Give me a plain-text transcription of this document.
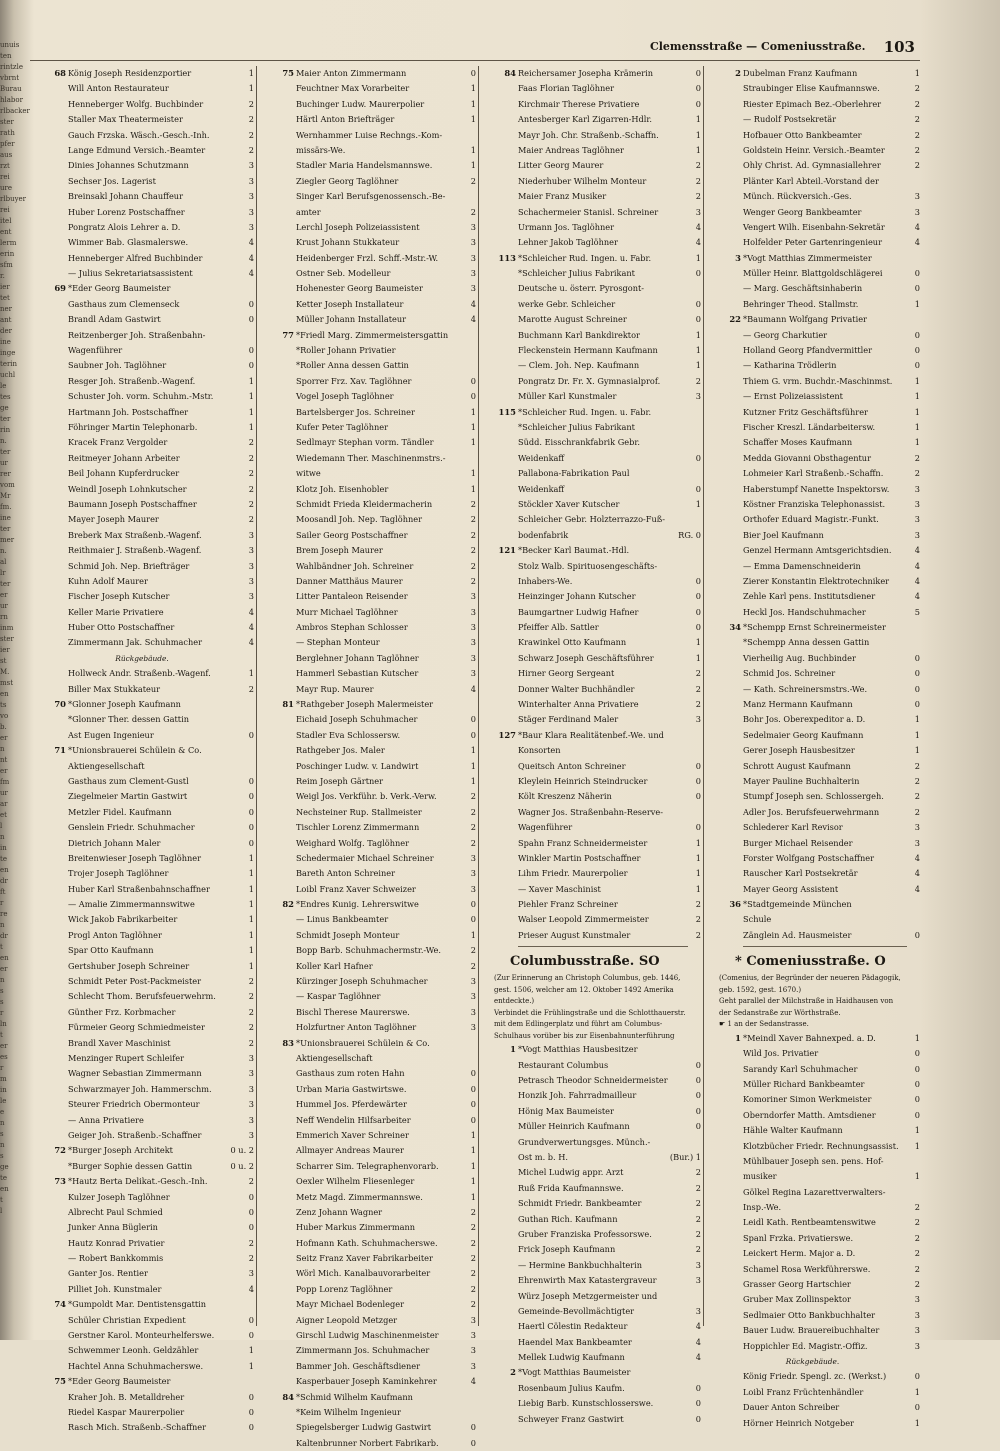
unuis
ten
rintzle
vbrnt
Burau
hlabor
rlbacker
ster
rath
pfer
aus
rzt
rei
ure
rlbuyer
rei
itel
ent
lerm
erin
sfm
r.
ier
tet
ner
ant
der
ine
inge
terin
uchl
le
tes
ge
ter
rin
n.
ter
ur
rer
vom
Mr
fm.
ine
ter
mer
n.
al
lr
ter
er
ur
rn
inm
ster
ier
st
M.
mst
en
ts
vo
b.
er
n
nt
er
fm
ur
ar
et
l
n
in
te
en
dr
ft
r
re
n
dr
t
en
er
n
s
s
r
ln
t
er
es
r
m
in
le
e
n
s
n
s
ge
te
en
t
l
Clemensstraße — Comeniusstraße. 103
68 König Joseph Residenzportier	1
Will Anton Restaurateur	1
Henneberger Wolfg. Buchbinder	2
Staller Max Theatermeister	2
Gauch Frzska. Wäsch.-Gesch.-Inh.	2
Lange Edmund Versich.-Beamter	2
Dinies Johannes Schutzmann	3
Sechser Jos. Lagerist	3
Breinsakl Johann Chauffeur	3
Huber Lorenz Postschaffner	3
Pongratz Alois Lehrer a. D.	3
Wimmer Bab. Glasmalerswe.	4
Henneberger Alfred Buchbinder	4
— Julius Sekretariatsassistent	4
69 *Eder Georg Baumeister
Gasthaus zum Clemenseck	0
Brandl Adam Gastwirt	0
Reitzenberger Joh. Straßenbahn-
Wagenführer	0
Saubner Joh. Taglöhner	0
Resger Joh. Straßenb.-Wagenf.	1
Schuster Joh. vorm. Schuhm.-Mstr.	1
Hartmann Joh. Postschaffner	1
Föhringer Martin Telephonarb.	1
Kracek Franz Vergolder	2
Reitmeyer Johann Arbeiter	2
Beil Johann Kupferdrucker	2
Weindl Joseph Lohnkutscher	2
Baumann Joseph Postschaffner	2
Mayer Joseph Maurer	2
Breberk Max Straßenb.-Wagenf.	3
Reithmaier J. Straßenb.-Wagenf.	3
Schmid Joh. Nep. Briefträger	3
Kuhn Adolf Maurer	3
Fischer Joseph Kutscher	3
Keller Marie Privatiere	4
Huber Otto Postschaffner	4
Zimmermann Jak. Schuhmacher	4
Rückgebäude.
Hollweck Andr. Straßenb.-Wagenf.	1
Biller Max Stukkateur	2
70 *Glonner Joseph Kaufmann
*Glonner Ther. dessen Gattin
Ast Eugen Ingenieur	0
71 *Unionsbrauerei Schülein & Co.
Aktiengesellschaft
Gasthaus zum Clement-Gustl	0
Ziegelmeier Martin Gastwirt	0
Metzler Fidel. Kaufmann	0
Genslein Friedr. Schuhmacher	0
Dietrich Johann Maler	0
Breitenwieser Joseph Taglöhner	1
Trojer Joseph Taglöhner	1
Huber Karl Straßenbahnschaffner	1
— Amalie Zimmermannswitwe	1
Wick Jakob Fabrikarbeiter	1
Progl Anton Taglöhner	1
Spar Otto Kaufmann	1
Gertshuber Joseph Schreiner	1
Schmidt Peter Post-Packmeister	2
Schlecht Thom. Berufsfeuerwehrm.	2
Günther Frz. Korbmacher	2
Fürmeier Georg Schmiedmeister	2
Brandl Xaver Maschinist	2
Menzinger Rupert Schleifer	3
Wagner Sebastian Zimmermann	3
Schwarzmayer Joh. Hammerschm.	3
Steurer Friedrich Obermonteur	3
— Anna Privatiere	3
Geiger Joh. Straßenb.-Schaffner	3
72 *Burger Joseph Architekt	0 u. 2
*Burger Sophie dessen Gattin	0 u. 2
73 *Hautz Berta Delikat.-Gesch.-Inh.	2
Kulzer Joseph Taglöhner	0
Albrecht Paul Schmied	0
Junker Anna Büglerin	0
Hautz Konrad Privatier	2
— Robert Bankkommis	2
Ganter Jos. Rentier	3
Pilliet Joh. Kunstmaler	4
74 *Gumpoldt Mar. Dentistensgattin
Schüler Christian Expedient	0
Gerstner Karol. Monteurhelferswe.	0
Schwemmer Leonh. Geldzähler	1
Hachtel Anna Schuhmacherswe.	1
75 *Eder Georg Baumeister
Kraher Joh. B. Metalldreher	0
Riedel Kaspar Maurerpolier	0
Rasch Mich. Straßenb.-Schaffner	0
75 Maier Anton Zimmermann	0
Feuchtner Max Vorarbeiter	1
Buchinger Ludw. Maurerpolier	1
Härtl Anton Briefträger	1
Wernhammer Luise Rechngs.-Kom-
missärs-We.	1
Stadler Maria Handelsmannswe.	1
Ziegler Georg Taglöhner	2
Singer Karl Berufsgenossensch.-Be-
amter	2
Lerchl Joseph Polizeiassistent	3
Krust Johann Stukkateur	3
Heidenberger Frzl. Schff.-Mstr.-W.	3
Ostner Seb. Modelleur	3
Hohenester Georg Baumeister	3
Ketter Joseph Installateur	4
Müller Johann Installateur	4
77 *Friedl Marg. Zimmermeistersgattin
*Roller Johann Privatier
*Roller Anna dessen Gattin
Sporrer Frz. Xav. Taglöhner	0
Vogel Joseph Taglöhner	0
Bartelsberger Jos. Schreiner	1
Kufer Peter Taglöhner	1
Sedlmayr Stephan vorm. Tändler	1
Wiedemann Ther. Maschinenmstrs.-
witwe	1
Klotz Joh. Eisenhobler	1
Schmidt Frieda Kleidermacherin	2
Moosandl Joh. Nep. Taglöhner	2
Sailer Georg Postschaffner	2
Brem Joseph Maurer	2
Wahlbändner Joh. Schreiner	2
Danner Matthäus Maurer	2
Litter Pantaleon Reisender	3
Murr Michael Taglöhner	3
Ambros Stephan Schlosser	3
— Stephan Monteur	3
Berglehner Johann Taglöhner	3
Hammerl Sebastian Kutscher	3
Mayr Rup. Maurer	4
81 *Rathgeber Joseph Malermeister
Eichaid Joseph Schuhmacher	0
Stadler Eva Schlossersw.	0
Rathgeber Jos. Maler	1
Poschinger Ludw. v. Landwirt	1
Reim Joseph Gärtner	1
Weigl Jos. Verkführ. b. Verk.-Verw.	2
Nechsteiner Rup. Stallmeister	2
Tischler Lorenz Zimmermann	2
Weighard Wolfg. Taglöhner	2
Schedermaier Michael Schreiner	3
Bareth Anton Schreiner	3
Loibl Franz Xaver Schweizer	3
82 *Endres Kunig. Lehrerswitwe	0
— Linus Bankbeamter	0
Schmidt Joseph Monteur	1
Bopp Barb. Schuhmachermstr.-We.	2
Koller Karl Hafner	2
Kürzinger Joseph Schuhmacher	3
— Kaspar Taglöhner	3
Bischl Therese Maurerswe.	3
Holzfurtner Anton Taglöhner	3
83 *Unionsbrauerei Schülein & Co.
Aktiengesellschaft
Gasthaus zum roten Hahn	0
Urban Maria Gastwirtswe.	0
Hummel Jos. Pferdewärter	0
Neff Wendelin Hilfsarbeiter	0
Emmerich Xaver Schreiner	1
Allmayer Andreas Maurer	1
Scharrer Sim. Telegraphenvorarb.	1
Oexler Wilhelm Fliesenleger	1
Metz Magd. Zimmermannswe.	1
Zenz Johann Wagner	2
Huber Markus Zimmermann	2
Hofmann Kath. Schuhmacherswe.	2
Seitz Franz Xaver Fabrikarbeiter	2
Wörl Mich. Kanalbauvorarbeiter	2
Popp Lorenz Taglöhner	2
Mayr Michael Bodenleger	2
Aigner Leopold Metzger	3
Girschl Ludwig Maschinenmeister	3
Zimmermann Jos. Schuhmacher	3
Bammer Joh. Geschäftsdiener	3
Kasperbauer Joseph Kaminkehrer	4
84 *Schmid Wilhelm Kaufmann
*Keim Wilhelm Ingenieur
Spiegelsberger Ludwig Gastwirt	0
Kaltenbrunner Norbert Fabrikarb.	0
84 Reichersamer Josepha Krämerin	0
Faas Florian Taglöhner	0
Kirchmair Therese Privatiere	0
Antesberger Karl Zigarren-Hdlr.	1
Mayr Joh. Chr. Straßenb.-Schaffn.	1
Maier Andreas Taglöhner	1
Litter Georg Maurer	2
Niederhuber Wilhelm Monteur	2
Maier Franz Musiker	2
Schachermeier Stanisl. Schreiner	3
Urmann Jos. Taglöhner	4
Lehner Jakob Taglöhner	4
113 *Schleicher Rud. Ingen. u. Fabr.	1
*Schleicher Julius Fabrikant	0
Deutsche u. österr. Pyrosgont-
werke Gebr. Schleicher	0
Marotte August Schreiner	0
Buchmann Karl Bankdirektor	1
Fleckenstein Hermann Kaufmann	1
— Clem. Joh. Nep. Kaufmann	1
Pongratz Dr. Fr. X. Gymnasialprof.	2
Müller Karl Kunstmaler	3
115 *Schleicher Rud. Ingen. u. Fabr.
*Schleicher Julius Fabrikant
Südd. Eisschrankfabrik Gebr.
Weidenkaff	0
Pallabona-Fabrikation Paul
Weidenkaff	0
Stöckler Xaver Kutscher	1
Schleicher Gebr. Holzterrazzo-Fuß-
bodenfabrik	RG. 0
121 *Becker Karl Baumat.-Hdl.
Stolz Walb. Spirituosengeschäfts-
Inhabers-We.	0
Heinzinger Johann Kutscher	0
Baumgartner Ludwig Hafner	0
Pfeiffer Alb. Sattler	0
Krawinkel Otto Kaufmann	1
Schwarz Joseph Geschäftsführer	1
Hirner Georg Sergeant	2
Donner Walter Buchhändler	2
Winterhalter Anna Privatiere	2
Stäger Ferdinand Maler	3
127 *Baur Klara Realitätenbef.-We. und
Konsorten
Queitsch Anton Schreiner	0
Kleylein Heinrich Steindrucker	0
Költ Kreszenz Näherin	0
Wagner Jos. Straßenbahn-Reserve-
Wagenführer	0
Spahn Franz Schneidermeister	1
Winkler Martin Postschaffner	1
Lihm Friedr. Maurerpolier	1
— Xaver Maschinist	1
Piehler Franz Schreiner	2
Walser Leopold Zimmermeister	2
Prieser August Kunstmaler	2
Columbusstraße. SO
(Zur Erinnerung an Christoph Columbus, geb. 1446, gest. 1506, welcher am 12. Oktober 1492 Amerika entdeckte.)
Verbindet die Frühlingstraße und die Schlotthauerstr. mit dem Edlingerplatz und führt am Columbus-Schulhaus vorüber bis zur Eisenbahnunterführung
1 *Vogt Matthias Hausbesitzer
Restaurant Columbus	0
Petrasch Theodor Schneidermeister	0
Honzik Joh. Fahrradmailleur	0
Hönig Max Baumeister	0
Müller Heinrich Kaufmann	0
Grundverwertungsges. Münch.-
Ost m. b. H.	(Bur.) 1
Michel Ludwig appr. Arzt	2
Ruß Frida Kaufmannswe.	2
Schmidt Friedr. Bankbeamter	2
Guthan Rich. Kaufmann	2
Gruber Franziska Professorswe.	2
Frick Joseph Kaufmann	2
— Hermine Bankbuchhalterin	3
Ehrenwirth Max Katastergraveur	3
Würz Joseph Metzgermeister und
Gemeinde-Bevollmächtigter	3
Haertl Cölestin Redakteur	4
Haendel Max Bankbeamter	4
Mellek Ludwig Kaufmann	4
2 *Vogt Matthias Baumeister
Rosenbaum Julius Kaufm.	0
Liebig Barb. Kunstschlosserswe.	0
Schweyer Franz Gastwirt	0
2 Dubelman Franz Kaufmann	1
Straubinger Elise Kaufmannswe.	2
Riester Epimach Bez.-Oberlehrer	2
— Rudolf Postsekretär	2
Hofbauer Otto Bankbeamter	2
Goldstein Heinr. Versich.-Beamter	2
Ohly Christ. Ad. Gymnasiallehrer	2
Plänter Karl Abteil.-Vorstand der
Münch. Rückversich.-Ges.	3
Wenger Georg Bankbeamter	3
Vengert Wilh. Eisenbahn-Sekretär	4
Holfelder Peter Gartenringenieur	4
3 *Vogt Matthias Zimmermeister
Müller Heinr. Blattgoldschlägerei	0
— Marg. Geschäftsinhaberin	0
Behringer Theod. Stallmstr.	1
22 *Baumann Wolfgang Privatier
— Georg Charkutier	0
Holland Georg Pfandvermittler	0
— Katharina Trödlerin	0
Thiem G. vrm. Buchdr.-Maschinmst.	1
— Ernst Polizeiassistent	1
Kutzner Fritz Geschäftsführer	1
Fischer Kreszl. Ländarbeitersw.	1
Schaffer Moses Kaufmann	1
Medda Giovanni Obsthagentur	2
Lohmeier Karl Straßenb.-Schaffn.	2
Haberstumpf Nanette Inspektorsw.	3
Köstner Franziska Telephonassist.	3
Orthofer Eduard Magistr.-Funkt.	3
Bier Joel Kaufmann	3
Genzel Hermann Amtsgerichtsdien.	4
— Emma Damenschneiderin	4
Zierer Konstantin Elektrotechniker	4
Zehle Karl pens. Institutsdiener	4
Heckl Jos. Handschuhmacher	5
34 *Schempp Ernst Schreinermeister
*Schempp Anna dessen Gattin
Vierheilig Aug. Buchbinder	0
Schmid Jos. Schreiner	0
— Kath. Schreinersmstrs.-We.	0
Manz Hermann Kaufmann	0
Bohr Jos. Oberexpeditor a. D.	1
Sedelmaier Georg Kaufmann	1
Gerer Joseph Hausbesitzer	1
Schrott August Kaufmann	2
Mayer Pauline Buchhalterin	2
Stumpf Joseph sen. Schlossergeh.	2
Adler Jos. Berufsfeuerwehrmann	2
Schlederer Karl Revisor	3
Burger Michael Reisender	3
Forster Wolfgang Postschaffner	4
Rauscher Karl Postsekretär	4
Mayer Georg Assistent	4
36 *Stadtgemeinde München
Schule
Zänglein Ad. Hausmeister	0
* Comeniusstraße. O
(Comenius, der Begründer der neueren Pädagogik, geb. 1592, gest. 1670.)
Geht parallel der Milchstraße in Haidhausen von der Sedanstraße zur Wörthstraße.
☛ 1 an der Sedanstrasse.
1 *Meindl Xaver Bahnexped. a. D.	1
Wild Jos. Privatier	0
Sarandy Karl Schuhmacher	0
Müller Richard Bankbeamter	0
Komoriner Simon Werkmeister	0
Oberndorfer Matth. Amtsdiener	0
Hähle Walter Kaufmann	1
Klotzbücher Friedr. Rechnungsassist.	1
Mühlbauer Joseph sen. pens. Hof-
musiker	1
Gölkel Regina Lazarettverwalters-
Insp.-We.	2
Leidl Kath. Rentbeamtenswitwe	2
Spanl Frzka. Privatierswe.	2
Leickert Herm. Major a. D.	2
Schamel Rosa Werkführerswe.	2
Grasser Georg Hartschier	2
Gruber Max Zollinspektor	3
Sedlmaier Otto Bankbuchhalter	3
Bauer Ludw. Brauereibuchhalter	3
Hoppichler Ed. Magistr.-Offiz.	3
Rückgebäude.
König Friedr. Spengl. zc. (Werkst.)	0
Loibl Franz Früchtenhändler	1
Dauer Anton Schreiber	0
Hörner Heinrich Notgeber	1
